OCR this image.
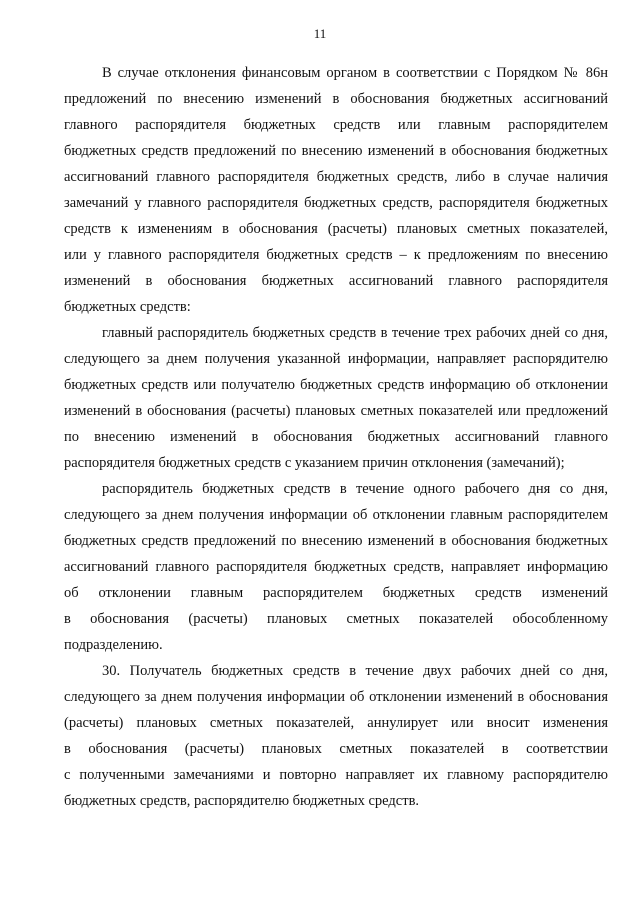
11
В случае отклонения финансовым органом в соответствии с Порядком № 86н
предложений по внесению изменений в обоснования бюджетных ассигнований
главного распорядителя бюджетных средств или главным распорядителем
бюджетных средств предложений по внесению изменений в обоснования бюджетных
ассигнований главного распорядителя бюджетных средств, либо в случае наличия
замечаний у главного распорядителя бюджетных средств, распорядителя бюджетных
средств к изменениям в обоснования (расчеты) плановых сметных показателей,
или у главного распорядителя бюджетных средств – к предложениям по внесению
изменений в обоснования бюджетных ассигнований главного распорядителя
бюджетных средств:
главный распорядитель бюджетных средств в течение трех рабочих дней со дня,
следующего за днем получения указанной информации, направляет распорядителю
бюджетных средств или получателю бюджетных средств информацию об отклонении
изменений в обоснования (расчеты) плановых сметных показателей или предложений
по внесению изменений в обоснования бюджетных ассигнований главного
распорядителя бюджетных средств с указанием причин отклонения (замечаний);
распорядитель бюджетных средств в течение одного рабочего дня со дня,
следующего за днем получения информации об отклонении главным распорядителем
бюджетных средств предложений по внесению изменений в обоснования бюджетных
ассигнований главного распорядителя бюджетных средств, направляет информацию
об отклонении главным распорядителем бюджетных средств изменений
в обоснования (расчеты) плановых сметных показателей обособленному
подразделению.
30. Получатель бюджетных средств в течение двух рабочих дней со дня,
следующего за днем получения информации об отклонении изменений в обоснования
(расчеты) плановых сметных показателей, аннулирует или вносит изменения
в обоснования (расчеты) плановых сметных показателей в соответствии
с полученными замечаниями и повторно направляет их главному распорядителю
бюджетных средств, распорядителю бюджетных средств.
